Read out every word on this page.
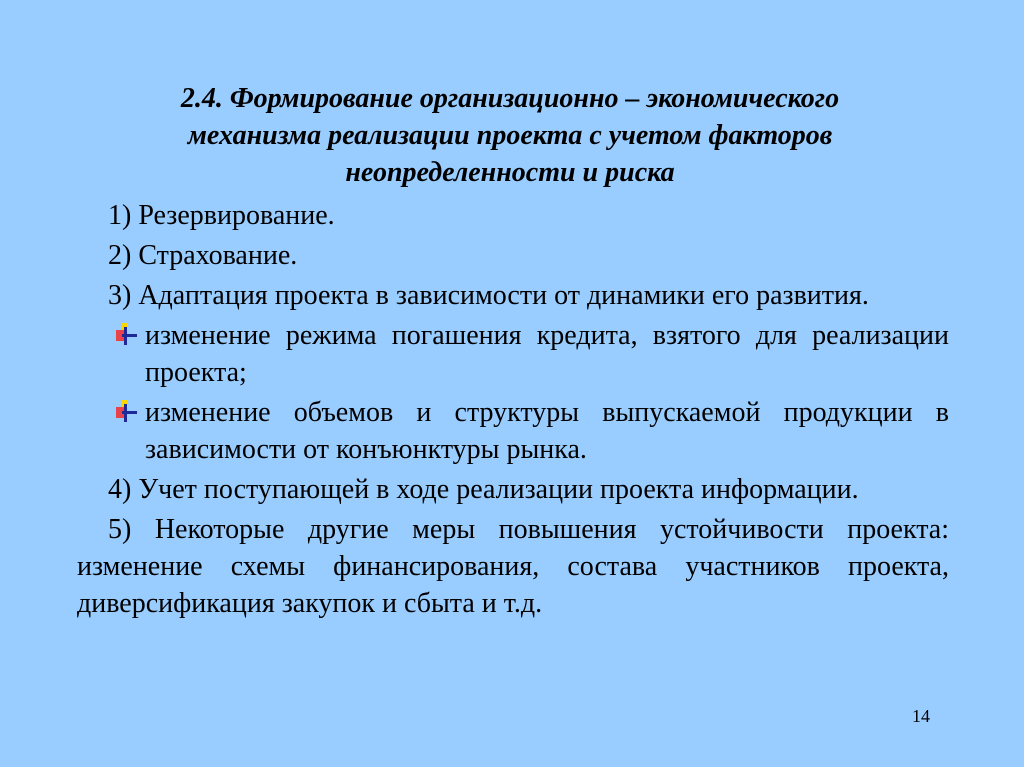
2.4. Формирование организационно – экономического
механизма реализации проекта с учетом факторов
неопределенности и риска

1) Резервирование.

2) Страхование.

3) Адаптация проекта в зависимости от динамики его развития.

изменение режима погашения кредита, взятого для реализации проекта;
изменение объемов и структуры выпускаемой продукции в зависимости от конъюнктуры рынка.

4) Учет поступающей в ходе реализации проекта информации.

5) Некоторые другие меры повышения устойчивости проекта: изменение схемы финансирования, состава участников проекта, диверсификация закупок и сбыта и т.д.

14
